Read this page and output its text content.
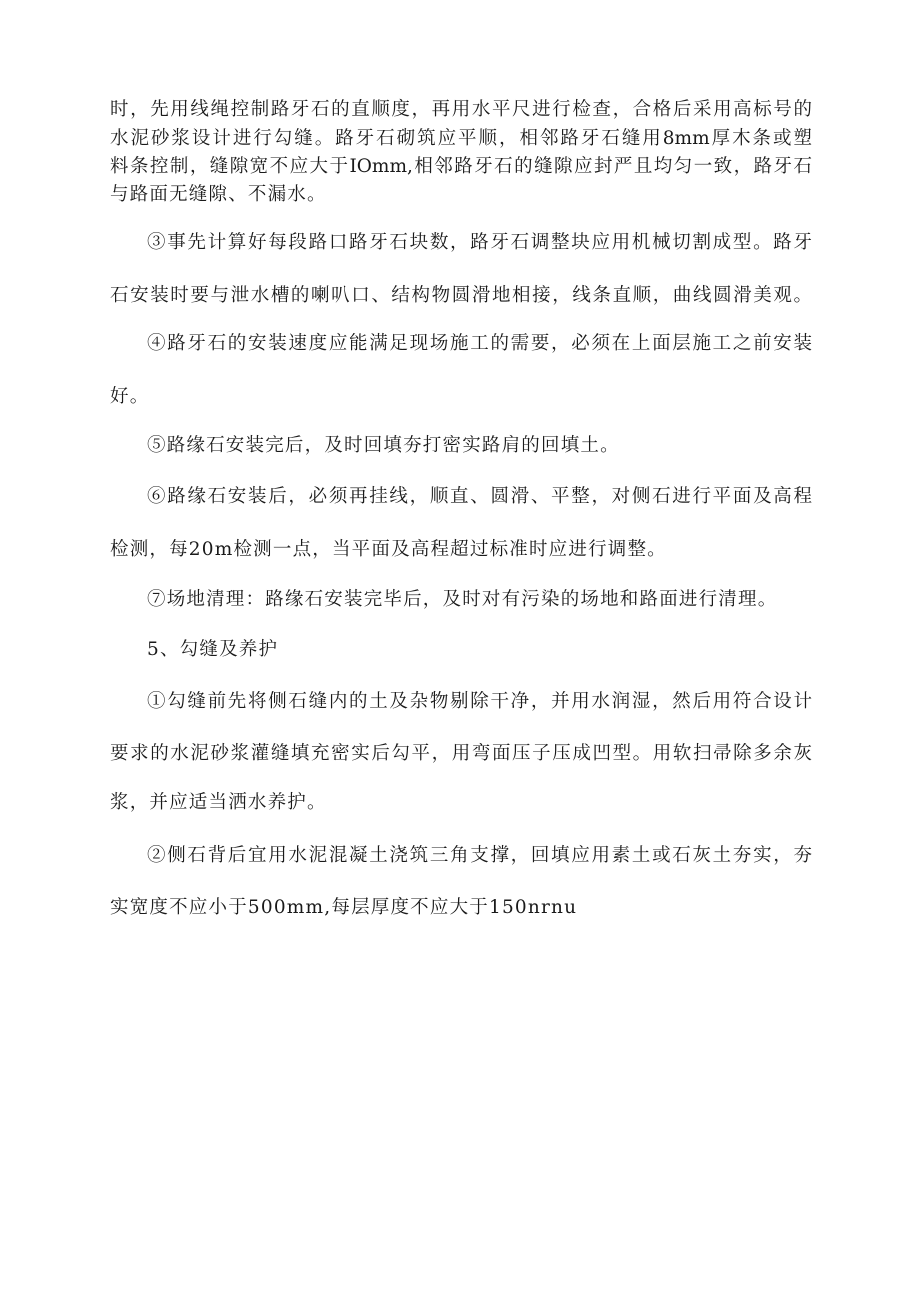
时，先用线绳控制路牙石的直顺度，再用水平尺进行检查，合格后采用高标号的
水泥砂浆设计进行勾缝。路牙石砌筑应平顺，相邻路牙石缝用8mm厚木条或塑
料条控制，缝隙宽不应大于IOmm,相邻路牙石的缝隙应封严且均匀一致，路牙石
与路面无缝隙、不漏水。
③事先计算好每段路口路牙石块数，路牙石调整块应用机械切割成型。路牙
石安装时要与泄水槽的喇叭口、结构物圆滑地相接，线条直顺，曲线圆滑美观。
④路牙石的安装速度应能满足现场施工的需要，必须在上面层施工之前安装
好。
⑤路缘石安装完后，及时回填夯打密实路肩的回填土。
⑥路缘石安装后，必须再挂线，顺直、圆滑、平整，对侧石进行平面及高程
检测，每20m检测一点，当平面及高程超过标准时应进行调整。
⑦场地清理：路缘石安装完毕后，及时对有污染的场地和路面进行清理。
5、勾缝及养护
①勾缝前先将侧石缝内的土及杂物剔除干净，并用水润湿，然后用符合设计
要求的水泥砂浆灌缝填充密实后勾平，用弯面压子压成凹型。用软扫帚除多余灰
浆，并应适当洒水养护。
②侧石背后宜用水泥混凝土浇筑三角支撑，回填应用素土或石灰土夯实，夯
实宽度不应小于500mm,每层厚度不应大于150nrnu
